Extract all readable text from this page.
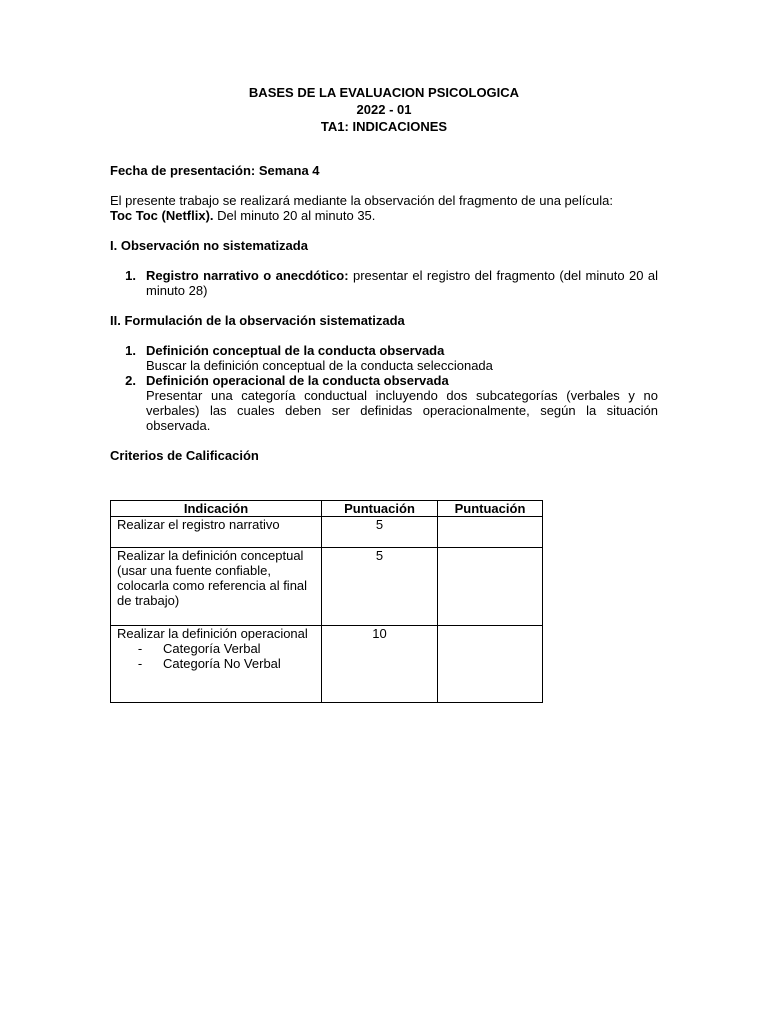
BASES DE LA EVALUACION PSICOLOGICA
2022 - 01
TA1: INDICACIONES
Fecha de presentación: Semana 4
El presente trabajo se realizará mediante la observación del fragmento de una película:
Toc Toc (Netflix). Del minuto 20 al minuto 35.
I. Observación no sistematizada
1. Registro narrativo o anecdótico: presentar el registro del fragmento (del minuto 20 al minuto 28)
II. Formulación de la observación sistematizada
1. Definición conceptual de la conducta observada
Buscar la definición conceptual de la conducta seleccionada
2. Definición operacional de la conducta observada
Presentar una categoría conductual incluyendo dos subcategorías (verbales y no verbales) las cuales deben ser definidas operacionalmente, según la situación observada.
Criterios de Calificación
Indicación	Puntuación	Puntuación
Realizar el registro narrativo	5	
Realizar la definición conceptual (usar una fuente confiable, colocarla como referencia al final de trabajo)	5	

Realizar la definición operacional
- Categoría Verbal
- Categoría No Verbal	10	
